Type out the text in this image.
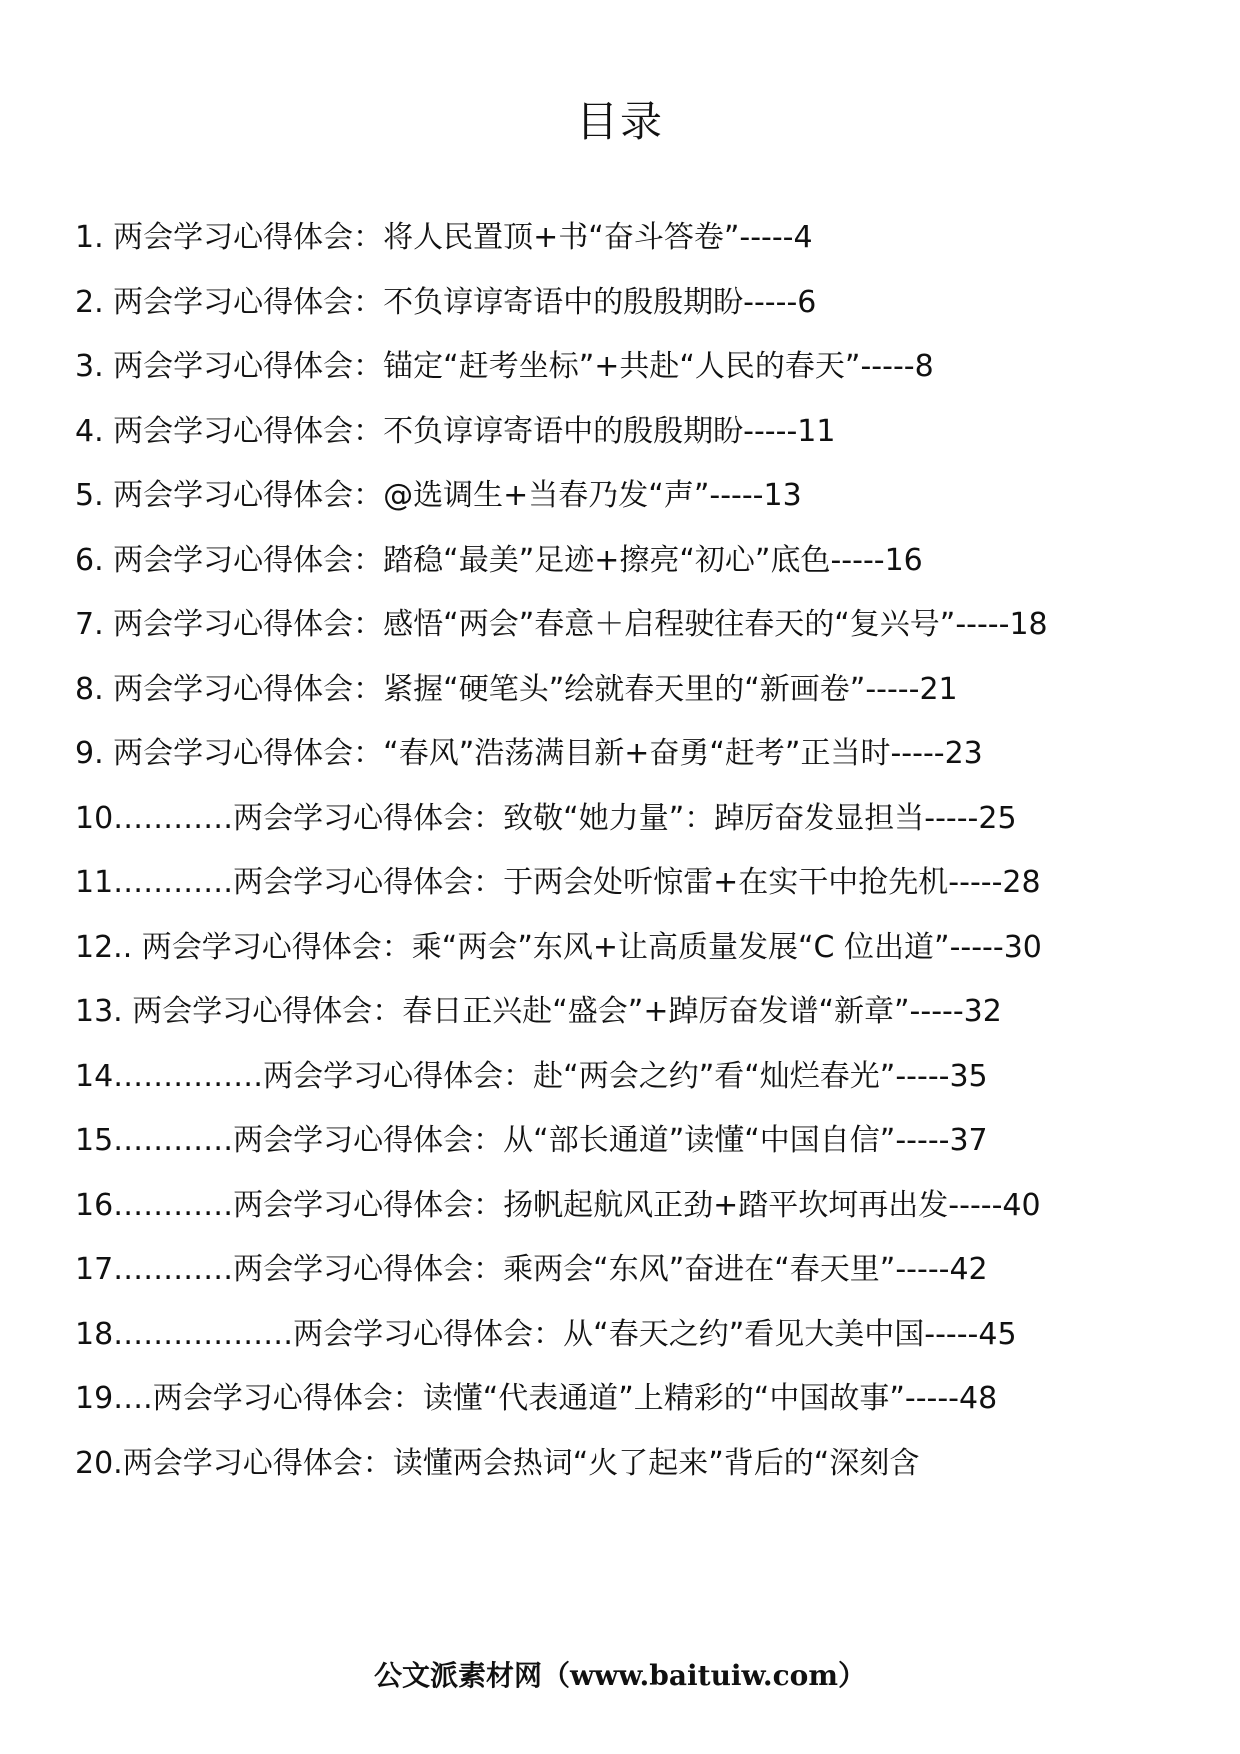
目录
1. 两会学习心得体会：将人民置顶+书“奋斗答卷”-----4
2. 两会学习心得体会：不负谆谆寄语中的殷殷期盼-----6
3. 两会学习心得体会：锚定“赶考坐标”+共赴“人民的春天”-----8
4. 两会学习心得体会：不负谆谆寄语中的殷殷期盼-----11
5. 两会学习心得体会：@选调生+当春乃发“声”-----13
6. 两会学习心得体会：踏稳“最美”足迹+擦亮“初心”底色-----16
7. 两会学习心得体会：感悟“两会”春意＋启程驶往春天的“复兴号”-----18
8. 两会学习心得体会：紧握“硬笔头”绘就春天里的“新画卷”-----21
9. 两会学习心得体会：“春风”浩荡满目新+奋勇“赶考”正当时-----23
10…………两会学习心得体会：致敬“她力量”：踔厉奋发显担当-----25
11…………两会学习心得体会：于两会处听惊雷+在实干中抢先机-----28
12.. 两会学习心得体会：乘“两会”东风+让高质量发展“C 位出道”-----30
13. 两会学习心得体会：春日正兴赴“盛会”+踔厉奋发谱“新章”-----32
14……………两会学习心得体会：赴“两会之约”看“灿烂春光”-----35
15…………两会学习心得体会：从“部长通道”读懂“中国自信”-----37
16…………两会学习心得体会：扬帆起航风正劲+踏平坎坷再出发-----40
17…………两会学习心得体会：乘两会“东风”奋进在“春天里”-----42
18………………两会学习心得体会：从“春天之约”看见大美中国-----45
19….两会学习心得体会：读懂“代表通道”上精彩的“中国故事”-----48
20.两会学习心得体会：读懂两会热词“火了起来”背后的“深刻含
公文派素材网（www.baituiw.com）
